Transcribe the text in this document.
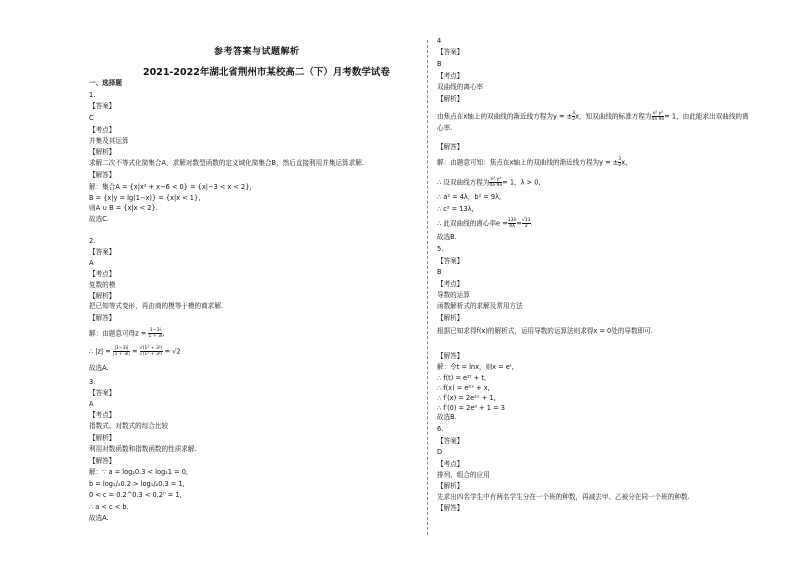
参考答案与试题解析
2021-2022年湖北省荆州市某校高二（下）月考数学试卷
一、选择题
1.
【答案】
C
【考点】
并集及其运算
【解析】
求解二次不等式化简集合A，求解对数型函数的定义域化简集合B，然后直接利用并集运算求解.
【解答】
解：集合A = {x|x² + x−6 < 0} = {x|−3 < x < 2},
B = {x|y = lg(1−x)} = {x|x < 1},
则A ∪ B = {x|x < 2}.
故选C.
2.
【答案】
A
【考点】
复数的模
【解析】
把已知等式变形，再由商的模等于模的商求解.
【解答】
解：由题意可得$z = \frac{1-3i}{1 + 3i}$ ,
∴ $|z| = \frac{|1-3i|}{|1 + 3i|} = \frac{\text{√(1² + 3²)}}{\text{√(1² + 3²)}} = √2$
故选A.
3.
【答案】
A
【考点】
指数式、对数式的综合比较
【解析】
利用对数函数和指数函数的性质求解.
【解答】
解：∵ a = log₂0.3 < log₂1 = 0,
b = log₁/₂0.2 > log₁/₂0.3 = 1,
0 < c = 0.2^0.3 < 0.2⁰ = 1,
∴ a < c < b.
故选A.
4
【答案】
B
【考点】
双曲线的离心率
【解析】
由焦点在x轴上的双曲线的渐近线方程为y = ± $\frac{3}{2}$ x，知双曲线的标准方程为 $\frac{\text{x² y²}}{4\lambda 9\lambda} = 1$，由此能求出双曲线的离
心率.
【解答】
解：由题意可知：焦点在x轴上的双曲线的渐近线方程为y = ± $\frac{3}{2}$ x，
∴ 设双曲线方程为 $\frac{\text{x² y²}}{4\lambda 9\lambda} = 1$，λ > 0,
∴ a² = 4λ，b² = 9λ,
∴ c² = 13λ,
∴ 此双曲线的离心率$e = \frac{13\lambda}{4\lambda} = \frac{√13}{2}$ .
故选B.
5.
【答案】
B
【考点】
导数的运算
函数解析式的求解及常用方法
【解析】
根据已知求得f(x)的解析式，运用导数的运算法则求得x = 0处的导数即可.
【解答】
解：令t = lnx，则x = eᵗ,
∴ f(t) = e²ᵗ + t,
∴ f(x) = e²ˣ + x,
∴ f′(x) = 2e²ˣ + 1,
∴ f′(0) = 2e⁰ + 1 = 3
故选B.
6.
【答案】
D
【考点】
排列、组合的应用
【解析】
先求出四名学生中有两名学生分在一个班的种数，再减去甲、乙被分在同一个班的种数.
【解答】
